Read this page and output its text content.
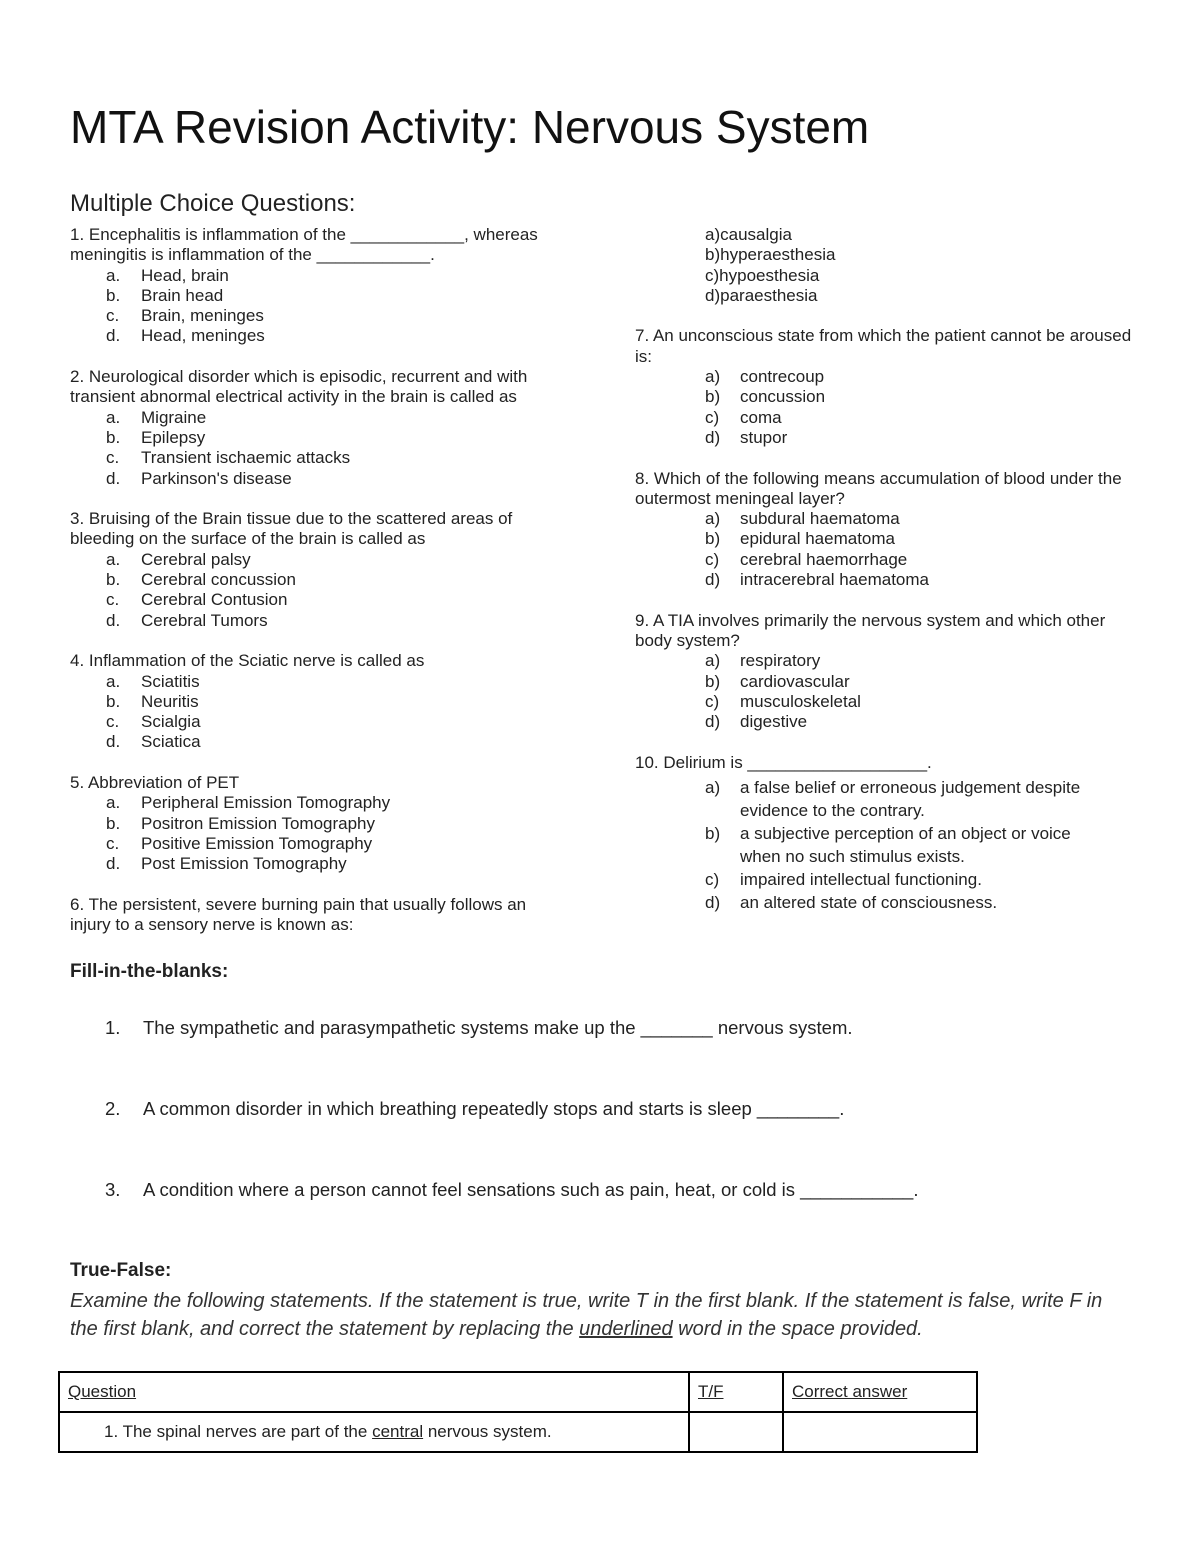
MTA Revision Activity: Nervous System
Multiple Choice Questions:
1. Encephalitis is inflammation of the ____________, whereas meningitis is inflammation of the ____________.
a.	Head, brain
b.	Brain head
c.	Brain, meninges
d.	Head, meninges
2. Neurological disorder which is episodic, recurrent and with transient abnormal electrical activity in the brain is called as
a.	Migraine
b.	Epilepsy
c.	Transient ischaemic attacks
d.	Parkinson's disease
3. Bruising of the Brain tissue due to the scattered areas of bleeding on the surface of the brain is called as
a.	Cerebral palsy
b.	Cerebral concussion
c.	Cerebral Contusion
d.	Cerebral Tumors
4. Inflammation of the Sciatic nerve is called as
a.	Sciatitis
b.	Neuritis
c.	Scialgia
d.	Sciatica
5. Abbreviation of PET
a.	Peripheral Emission Tomography
b.	Positron Emission Tomography
c.	Positive Emission Tomography
d.	Post Emission Tomography
6. The persistent, severe burning pain that usually follows an injury to a sensory nerve is known as:
a) causalgia
b) hyperaesthesia
c) hypoesthesia
d) paraesthesia
7. An unconscious state from which the patient cannot be aroused is:
a)	contrecoup
b)	concussion
c)	coma
d)	stupor
8. Which of the following means accumulation of blood under the outermost meningeal layer?
a)	subdural haematoma
b)	epidural haematoma
c)	cerebral haemorrhage
d)	intracerebral haematoma
9. A TIA involves primarily the nervous system and which other body system?
a)	respiratory
b)	cardiovascular
c)	musculoskeletal
d)	digestive
10. Delirium is ___________________.
a)	a false belief or erroneous judgement despite evidence to the contrary.
b)	a subjective perception of an object or voice when no such stimulus exists.
c)	impaired intellectual functioning.
d)	an altered state of consciousness.
Fill-in-the-blanks:
1.	The sympathetic and parasympathetic systems make up the _______ nervous system.
2.	A common disorder in which breathing repeatedly stops and starts is sleep ________.
3.	A condition where a person cannot feel sensations such as pain, heat, or cold is ___________.
True-False:
Examine the following statements. If the statement is true, write T in the first blank. If the statement is false, write F in the first blank, and correct the statement by replacing the underlined word in the space provided.
Question	T/F	Correct answer

1. The spinal nerves are part of the central nervous system.		
